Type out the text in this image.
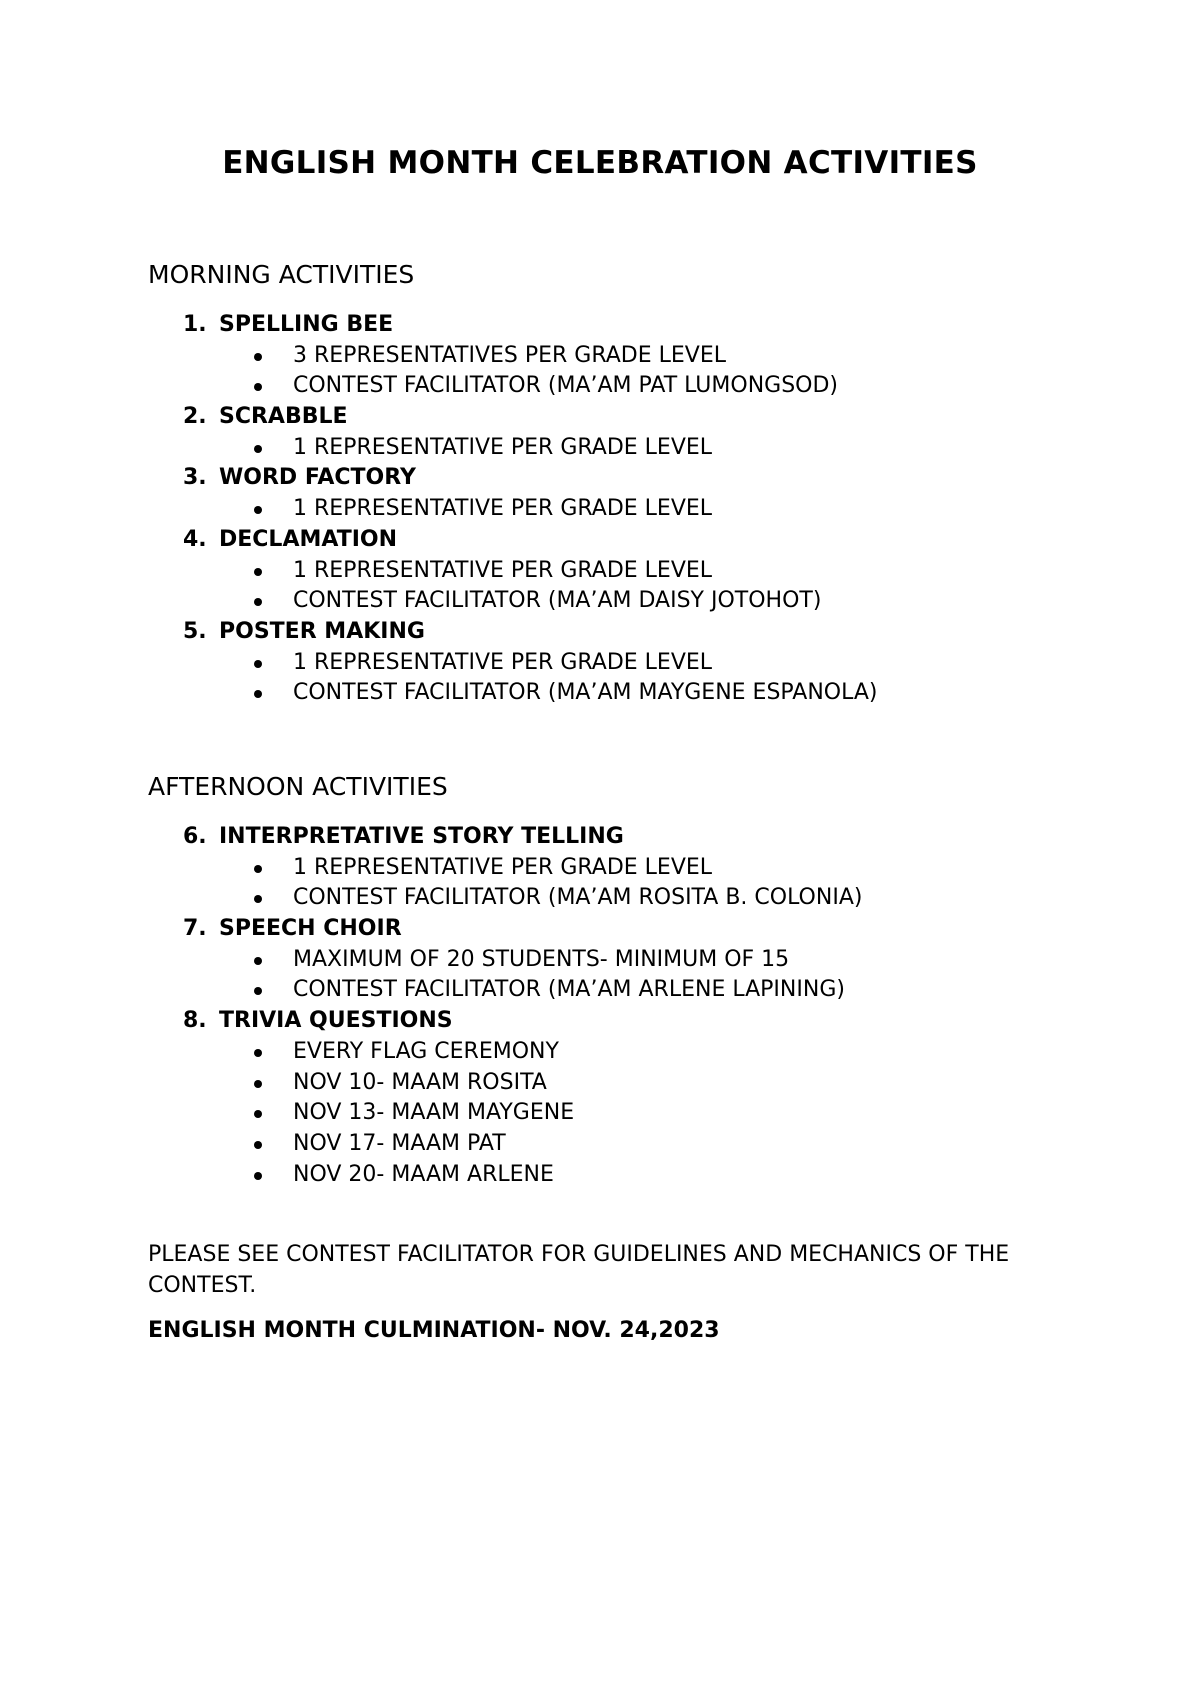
ENGLISH MONTH CELEBRATION ACTIVITIES
MORNING ACTIVITIES
1. SPELLING BEE
3 REPRESENTATIVES PER GRADE LEVEL
CONTEST FACILITATOR (MA’AM PAT LUMONGSOD)
2. SCRABBLE
1 REPRESENTATIVE PER GRADE LEVEL
3. WORD FACTORY
1 REPRESENTATIVE PER GRADE LEVEL
4. DECLAMATION
1 REPRESENTATIVE PER GRADE LEVEL
CONTEST FACILITATOR (MA’AM DAISY JOTOHOT)
5. POSTER MAKING
1 REPRESENTATIVE PER GRADE LEVEL
CONTEST FACILITATOR (MA’AM MAYGENE ESPANOLA)
AFTERNOON ACTIVITIES
6. INTERPRETATIVE STORY TELLING
1 REPRESENTATIVE PER GRADE LEVEL
CONTEST FACILITATOR (MA’AM ROSITA B. COLONIA)
7. SPEECH CHOIR
MAXIMUM OF 20 STUDENTS- MINIMUM OF 15
CONTEST FACILITATOR (MA’AM ARLENE LAPINING)
8. TRIVIA QUESTIONS
EVERY FLAG CEREMONY
NOV 10- MAAM ROSITA
NOV 13- MAAM MAYGENE
NOV 17- MAAM PAT
NOV 20- MAAM ARLENE
PLEASE SEE CONTEST FACILITATOR FOR GUIDELINES AND MECHANICS OF THE CONTEST.
ENGLISH MONTH CULMINATION- NOV. 24,2023
